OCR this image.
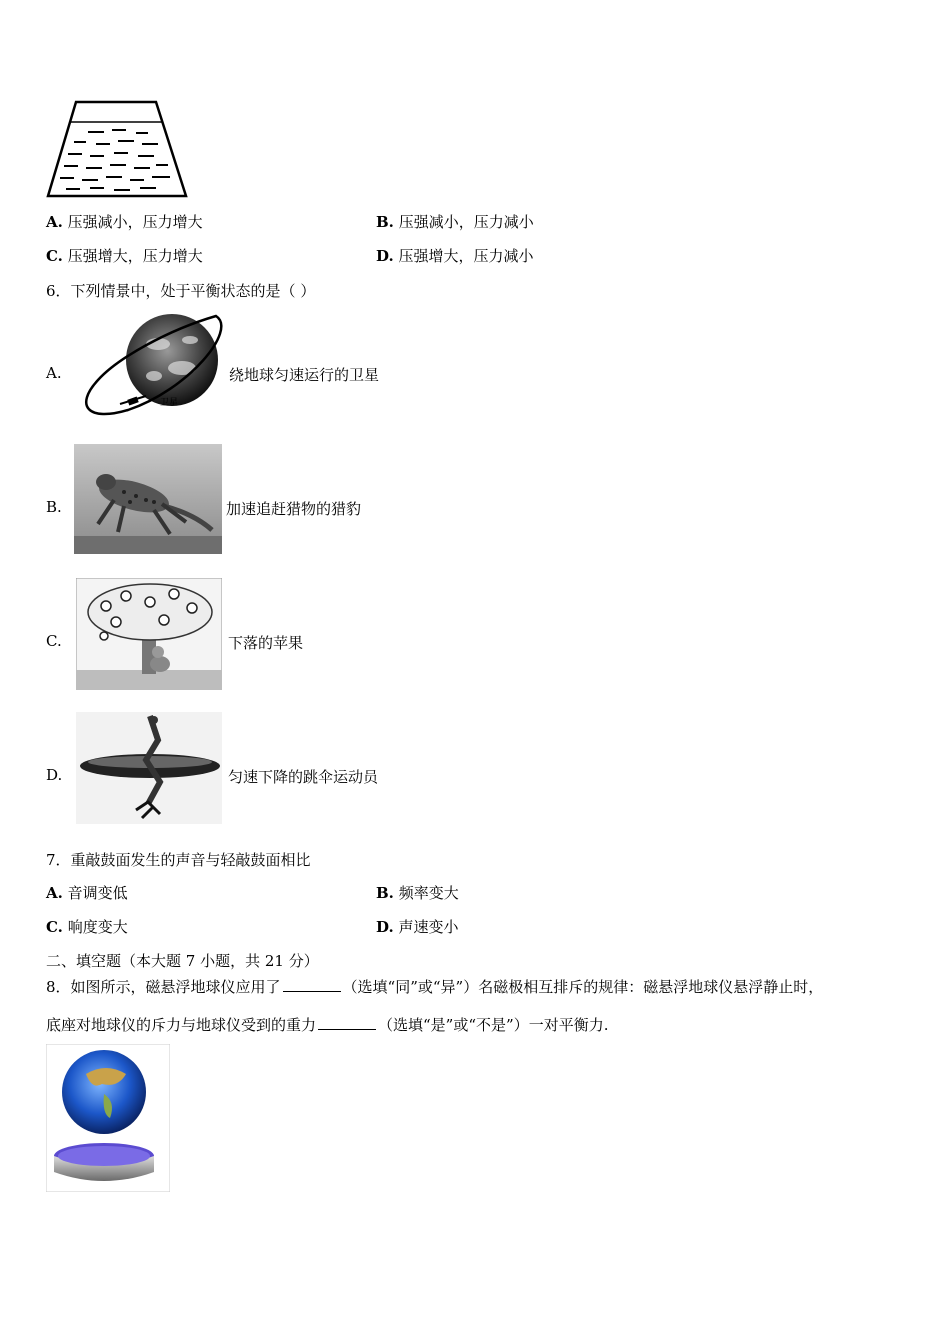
A. 压强减小，压力增大	B. 压强减小，压力减小
C. 压强增大，压力增大	D. 压强增大，压力减小
6．下列情景中，处于平衡状态的是（ ）
A.
卫星
绕地球匀速运行的卫星
B.	加速追赶猎物的猎豹
C.	下落的苹果
D.	匀速下降的跳伞运动员
7．重敲鼓面发生的声音与轻敲鼓面相比
A. 音调变低	B. 频率变大
C. 响度变大	D. 声速变小
二、填空题（本大题 7 小题，共 21 分）
8．如图所示，磁悬浮地球仪应用了	（选填“同”或“异”）名磁极相互排斥的规律：磁悬浮地球仪悬浮静止时，
底座对地球仪的斥力与地球仪受到的重力	（选填“是”或“不是”）一对平衡力.
